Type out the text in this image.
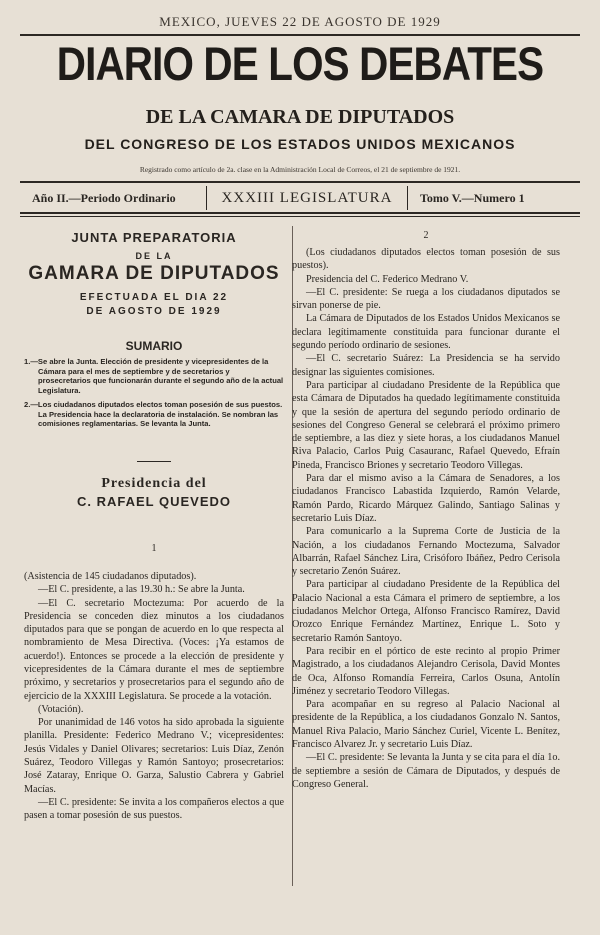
MEXICO, JUEVES 22 DE AGOSTO DE 1929
DIARIO DE LOS DEBATES
DE LA CAMARA DE DIPUTADOS
DEL CONGRESO DE LOS ESTADOS UNIDOS MEXICANOS
Registrado como artículo de 2a. clase en la Administración Local de Correos, el 21 de septiembre de 1921.
Año II.—Periodo Ordinario	XXXIII LEGISLATURA	Tomo V.—Numero 1
JUNTA PREPARATORIA
DE LA
GAMARA DE DIPUTADOS
EFECTUADA EL DIA 22
DE AGOSTO DE 1929
SUMARIO
1.—Se abre la Junta. Elección de presidente y vicepresidentes de la Cámara para el mes de septiembre y de secretarios y prosecretarios que funcionarán durante el segundo año de la actual Legislatura.
2.—Los ciudadanos diputados electos toman posesión de sus puestos. La Presidencia hace la declaratoria de instalación. Se nombran las comisiones reglamentarias. Se levanta la Junta.
Presidencia del
C. RAFAEL QUEVEDO
1

(Asistencia de 145 ciudadanos diputados).

—El C. presidente, a las 19.30 h.: Se abre la Junta.

—El C. secretario Moctezuma: Por acuerdo de la Presidencia se conceden diez minutos a los ciudadanos diputados para que se pongan de acuerdo en lo que respecta al nombramiento de Mesa Directiva. (Voces: ¡Ya estamos de acuerdo!). Entonces se procede a la elección de presidente y vicepresidentes de la Cámara durante el mes de septiembre próximo, y secretarios y prosecretarios para el segundo año de ejercicio de la XXXIII Legislatura. Se procede a la votación.

(Votación).

Por unanimidad de 146 votos ha sido aprobada la siguiente planilla. Presidente: Federico Medrano V.; vicepresidentes: Jesús Vidales y Daniel Olivares; secretarios: Luis Díaz, Zenón Suárez, Teodoro Villegas y Ramón Santoyo; prosecretarios: José Zataray, Enrique O. Garza, Salustio Cabrera y Gabriel Macías.

—El C. presidente: Se invita a los compañeros electos a que pasen a tomar posesión de sus puestos.

2

(Los ciudadanos diputados electos toman posesión de sus puestos).

Presidencia del C. Federico Medrano V.

—El C. presidente: Se ruega a los ciudadanos diputados se sirvan ponerse de pie.

La Cámara de Diputados de los Estados Unidos Mexicanos se declara legítimamente constituida para funcionar durante el segundo período ordinario de sesiones.

—El C. secretario Suárez: La Presidencia se ha servido designar las siguientes comisiones.

Para participar al ciudadano Presidente de la República que esta Cámara de Diputados ha quedado legítimamente constituida y que la sesión de apertura del segundo período ordinario de sesiones del Congreso General se celebrará el próximo primero de septiembre, a las diez y siete horas, a los ciudadanos Manuel Riva Palacio, Carlos Puig Casauranc, Rafael Quevedo, Efraín Pineda, Francisco Briones y secretario Teodoro Villegas.

Para dar el mismo aviso a la Cámara de Senadores, a los ciudadanos Francisco Labastida Izquierdo, Ramón Velarde, Ramón Pardo, Ricardo Márquez Galindo, Santiago Salinas y secretario Luis Díaz.

Para comunicarlo a la Suprema Corte de Justicia de la Nación, a los ciudadanos Fernando Moctezuma, Salvador Albarrán, Rafael Sánchez Lira, Crisóforo Ibáñez, Pedro Cerisola y secretario Zenón Suárez.

Para participar al ciudadano Presidente de la República del Palacio Nacional a esta Cámara el primero de septiembre, a los ciudadanos Melchor Ortega, Alfonso Francisco Ramírez, David Orozco Enrique Fernández Martínez, Enrique L. Soto y secretario Ramón Santoyo.

Para recibir en el pórtico de este recinto al propio Primer Magistrado, a los ciudadanos Alejandro Cerisola, David Montes de Oca, Alfonso Romandía Ferreira, Carlos Osuna, Antolín Jiménez y secretario Teodoro Villegas.

Para acompañar en su regreso al Palacio Nacional al presidente de la República, a los ciudadanos Gonzalo N. Santos, Manuel Riva Palacio, Mario Sánchez Curiel, Vicente L. Benítez, Francisco Alvarez Jr. y secretario Luis Díaz.

—El C. presidente: Se levanta la Junta y se cita para el día 1o. de septiembre a sesión de Cámara de Diputados, y después de Congreso General.
